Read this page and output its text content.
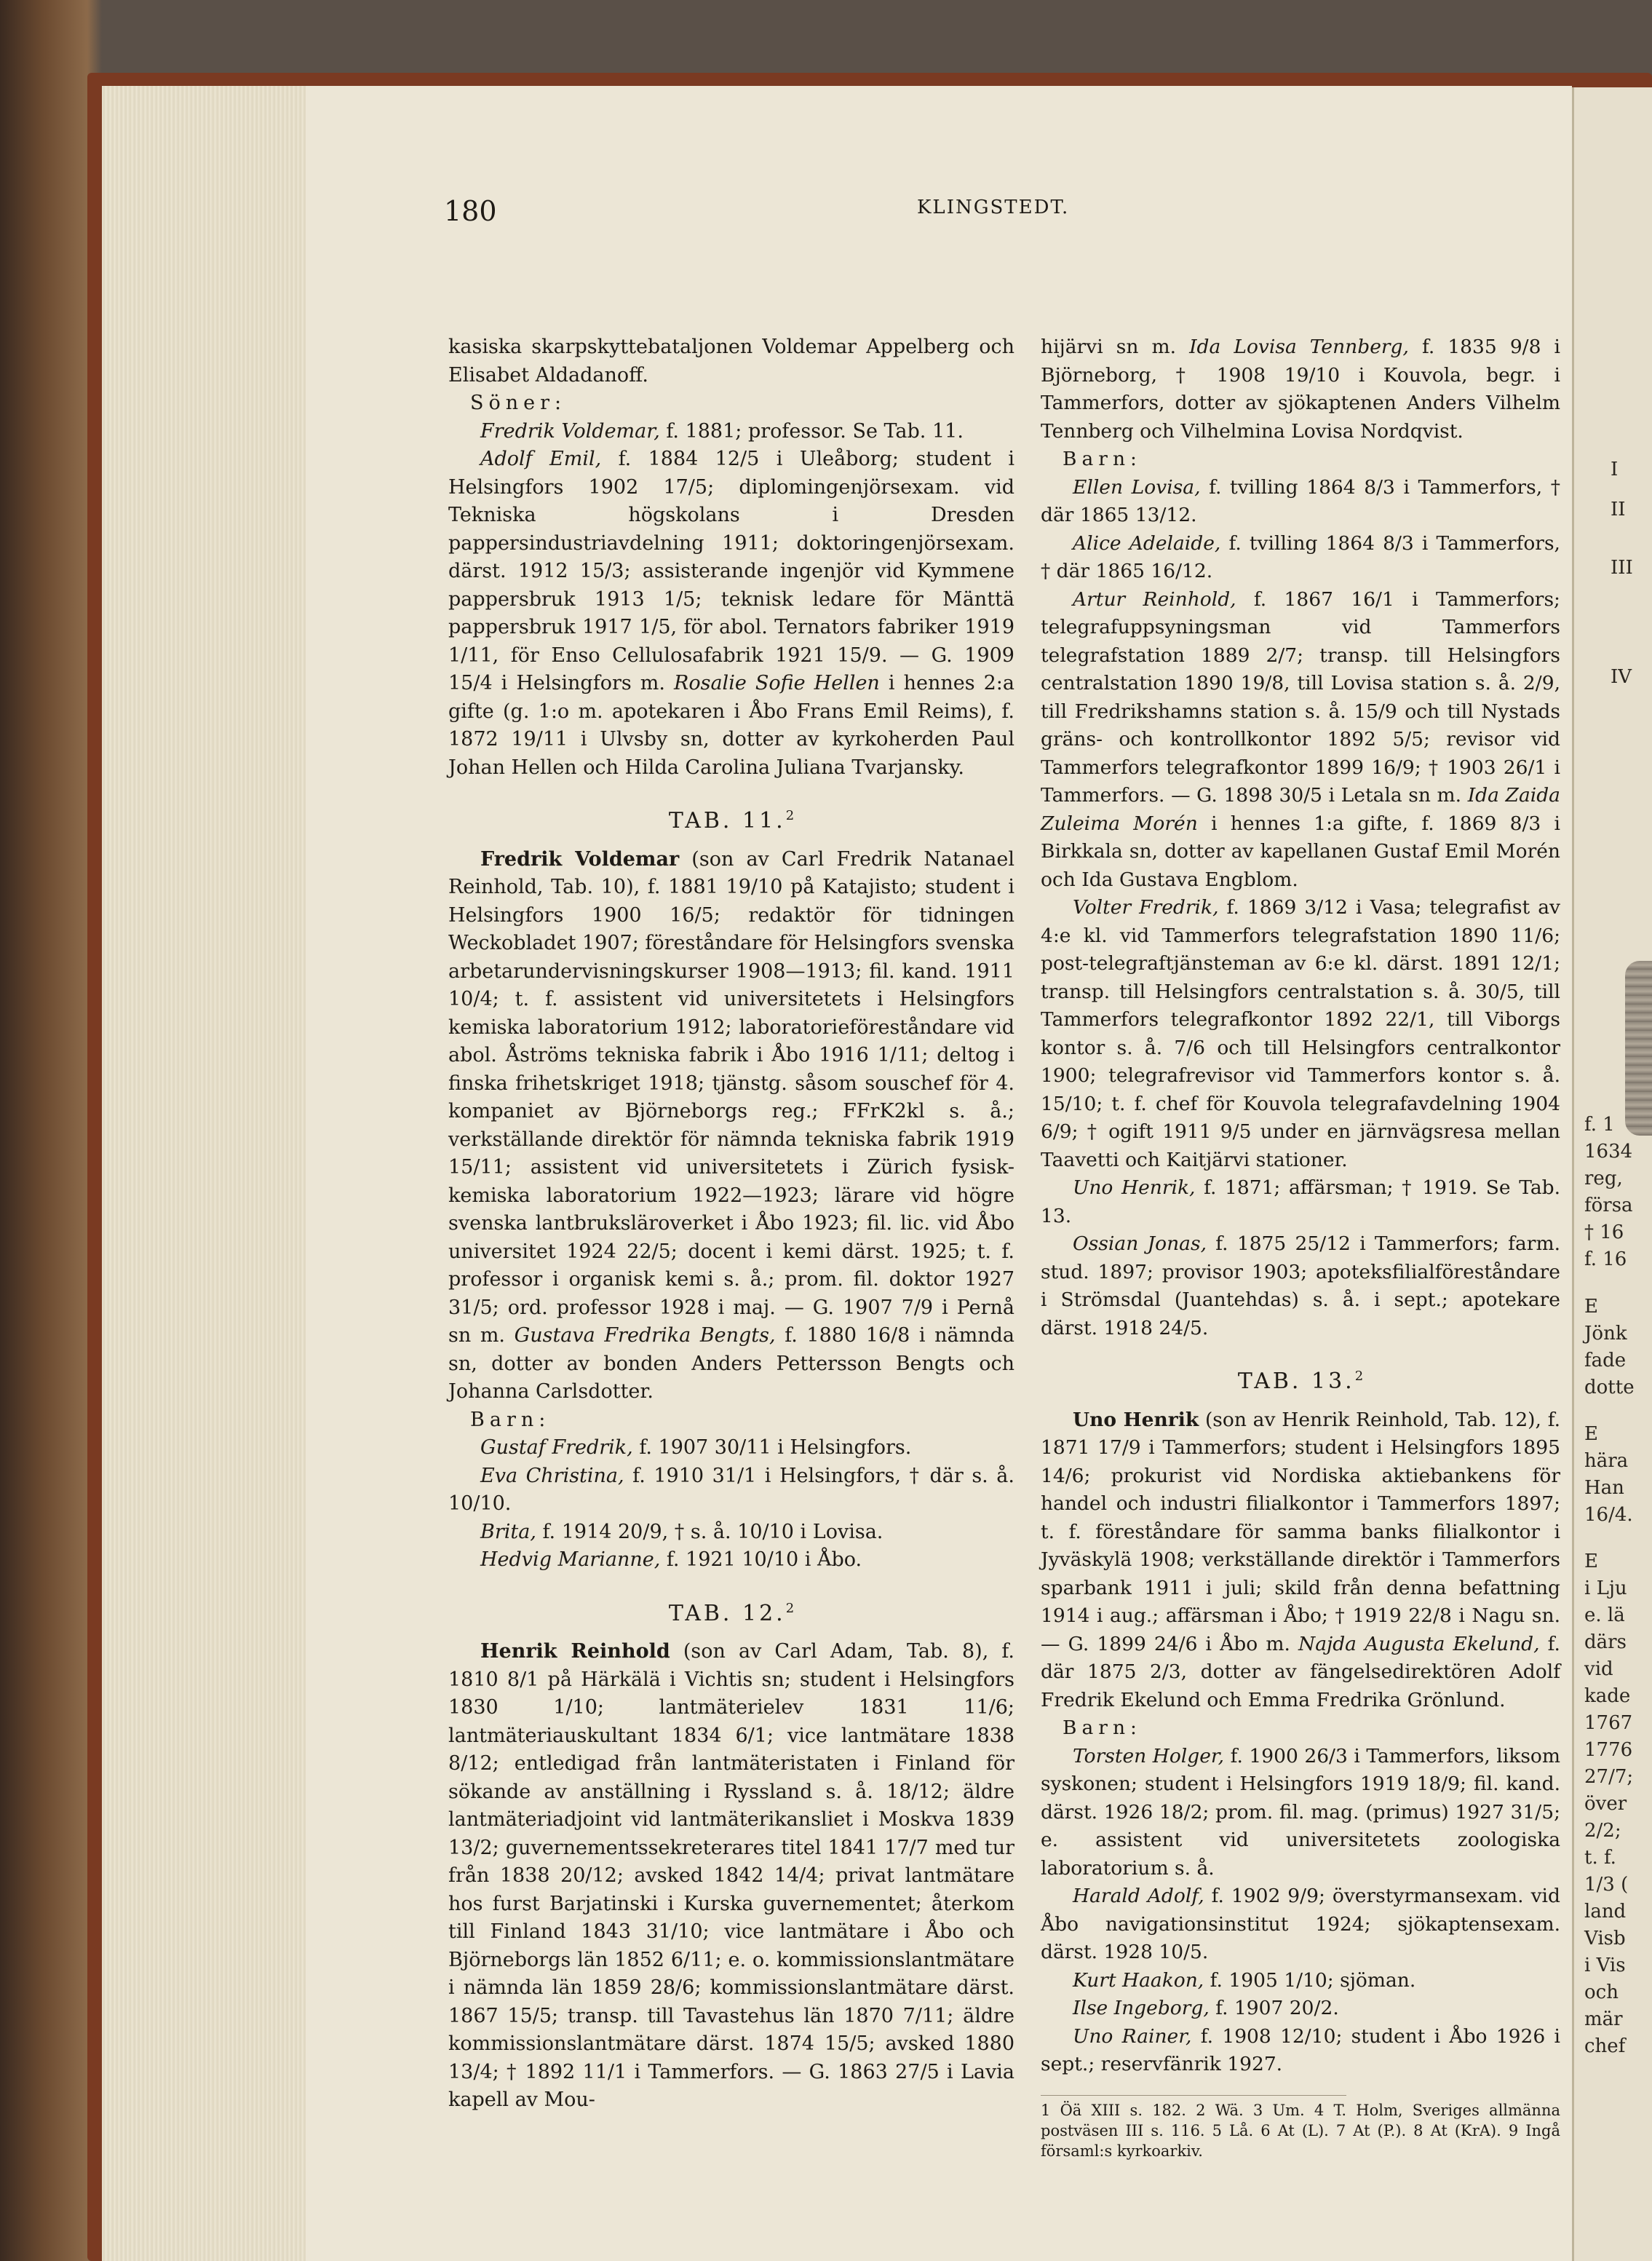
180	KLINGSTEDT.

kasiska skarpskyttebataljonen Voldemar Appelberg och Elisabet Aldadanoff.

Söner:

Fredrik Voldemar, f. 1881; professor. Se Tab. 11.

Adolf Emil, f. 1884 12/5 i Uleåborg; student i Helsingfors 1902 17/5; diplomingenjörsexam. vid Tekniska högskolans i Dresden pappersindustriavdelning 1911; doktoringenjörsexam. därst. 1912 15/3; assisterande ingenjör vid Kymmene pappersbruk 1913 1/5; teknisk ledare för Mänttä pappersbruk 1917 1/5, för abol. Ternators fabriker 1919 1/11, för Enso Cellulosafabrik 1921 15/9. — G. 1909 15/4 i Helsingfors m. Rosalie Sofie Hellen i hennes 2:a gifte (g. 1:o m. apotekaren i Åbo Frans Emil Reims), f. 1872 19/11 i Ulvsby sn, dotter av kyrkoherden Paul Johan Hellen och Hilda Carolina Juliana Tvarjansky.

TAB. 11.$^2$

Fredrik Voldemar (son av Carl Fredrik Natanael Reinhold, Tab. 10), f. 1881 19/10 på Katajisto; student i Helsingfors 1900 16/5; redaktör för tidningen Weckobladet 1907; föreståndare för Helsingfors svenska arbetarundervisningskurser 1908—1913; fil. kand. 1911 10/4; t. f. assistent vid universitetets i Helsingfors kemiska laboratorium 1912; laboratorieföreståndare vid abol. Åströms tekniska fabrik i Åbo 1916 1/11; deltog i finska frihetskriget 1918; tjänstg. såsom souschef för 4. kompaniet av Björneborgs reg.; FFrK2kl s. å.; verkställande direktör för nämnda tekniska fabrik 1919 15/11; assistent vid universitetets i Zürich fysisk-kemiska laboratorium 1922—1923; lärare vid högre svenska lantbruksläroverket i Åbo 1923; fil. lic. vid Åbo universitet 1924 22/5; docent i kemi därst. 1925; t. f. professor i organisk kemi s. å.; prom. fil. doktor 1927 31/5; ord. professor 1928 i maj. — G. 1907 7/9 i Pernå sn m. Gustava Fredrika Bengts, f. 1880 16/8 i nämnda sn, dotter av bonden Anders Pettersson Bengts och Johanna Carlsdotter.

Barn:

Gustaf Fredrik, f. 1907 30/11 i Helsingfors.

Eva Christina, f. 1910 31/1 i Helsingfors, † där s. å. 10/10.

Brita, f. 1914 20/9, † s. å. 10/10 i Lovisa.

Hedvig Marianne, f. 1921 10/10 i Åbo.

TAB. 12.$^2$

Henrik Reinhold (son av Carl Adam, Tab. 8), f. 1810 8/1 på Härkälä i Vichtis sn; student i Helsingfors 1830 1/10; lantmäterielev 1831 11/6; lantmäteriauskultant 1834 6/1; vice lantmätare 1838 8/12; entledigad från lantmäteristaten i Finland för sökande av anställning i Ryssland s. å. 18/12; äldre lantmäteriadjoint vid lantmäterikansliet i Moskva 1839 13/2; guvernementssekreterares titel 1841 17/7 med tur från 1838 20/12; avsked 1842 14/4; privat lantmätare hos furst Barjatinski i Kurska guvernementet; återkom till Finland 1843 31/10; vice lantmätare i Åbo och Björneborgs län 1852 6/11; e. o. kommissionslantmätare i nämnda län 1859 28/6; kommissionslantmätare därst. 1867 15/5; transp. till Tavastehus län 1870 7/11; äldre kommissionslantmätare därst. 1874 15/5; avsked 1880 13/4; † 1892 11/1 i Tammerfors. — G. 1863 27/5 i Lavia kapell av Mou-

hijärvi sn m. Ida Lovisa Tennberg, f. 1835 9/8 i Björneborg, † 1908 19/10 i Kouvola, begr. i Tammerfors, dotter av sjökaptenen Anders Vilhelm Tennberg och Vilhelmina Lovisa Nordqvist.

Barn:

Ellen Lovisa, f. tvilling 1864 8/3 i Tammerfors, † där 1865 13/12.

Alice Adelaide, f. tvilling 1864 8/3 i Tammerfors, † där 1865 16/12.

Artur Reinhold, f. 1867 16/1 i Tammerfors; telegrafuppsyningsman vid Tammerfors telegrafstation 1889 2/7; transp. till Helsingfors centralstation 1890 19/8, till Lovisa station s. å. 2/9, till Fredrikshamns station s. å. 15/9 och till Nystads gräns- och kontrollkontor 1892 5/5; revisor vid Tammerfors telegrafkontor 1899 16/9; † 1903 26/1 i Tammerfors. — G. 1898 30/5 i Letala sn m. Ida Zaida Zuleima Morén i hennes 1:a gifte, f. 1869 8/3 i Birkkala sn, dotter av kapellanen Gustaf Emil Morén och Ida Gustava Engblom.

Volter Fredrik, f. 1869 3/12 i Vasa; telegrafist av 4:e kl. vid Tammerfors telegrafstation 1890 11/6; post-telegraftjänsteman av 6:e kl. därst. 1891 12/1; transp. till Helsingfors centralstation s. å. 30/5, till Tammerfors telegrafkontor 1892 22/1, till Viborgs kontor s. å. 7/6 och till Helsingfors centralkontor 1900; telegrafrevisor vid Tammerfors kontor s. å. 15/10; t. f. chef för Kouvola telegrafavdelning 1904 6/9; † ogift 1911 9/5 under en järnvägsresa mellan Taavetti och Kaitjärvi stationer.

Uno Henrik, f. 1871; affärsman; † 1919. Se Tab. 13.

Ossian Jonas, f. 1875 25/12 i Tammerfors; farm. stud. 1897; provisor 1903; apoteksfilialföreståndare i Strömsdal (Juantehdas) s. å. i sept.; apotekare därst. 1918 24/5.

TAB. 13.$^2$

Uno Henrik (son av Henrik Reinhold, Tab. 12), f. 1871 17/9 i Tammerfors; student i Helsingfors 1895 14/6; prokurist vid Nordiska aktiebankens för handel och industri filialkontor i Tammerfors 1897; t. f. föreståndare för samma banks filialkontor i Jyväskylä 1908; verkställande direktör i Tammerfors sparbank 1911 i juli; skild från denna befattning 1914 i aug.; affärsman i Åbo; † 1919 22/8 i Nagu sn. — G. 1899 24/6 i Åbo m. Najda Augusta Ekelund, f. där 1875 2/3, dotter av fängelsedirektören Adolf Fredrik Ekelund och Emma Fredrika Grönlund.

Barn:

Torsten Holger, f. 1900 26/3 i Tammerfors, liksom syskonen; student i Helsingfors 1919 18/9; fil. kand. därst. 1926 18/2; prom. fil. mag. (primus) 1927 31/5; e. assistent vid universitetets zoologiska laboratorium s. å.

Harald Adolf, f. 1902 9/9; överstyrmansexam. vid Åbo navigationsinstitut 1924; sjökaptensexam. därst. 1928 10/5.

Kurt Haakon, f. 1905 1/10; sjöman.

Ilse Ingeborg, f. 1907 20/2.

Uno Rainer, f. 1908 12/10; student i Åbo 1926 i sept.; reservfänrik 1927.

1 Öä XIII s. 182. 2 Wä. 3 Um. 4 T. Holm, Sveriges allmänna postväsen III s. 116. 5 Lå. 6 At (L). 7 At (P.). 8 At (KrA). 9 Ingå församl:s kyrkoarkiv.

I
II
III
IV
f. 1
1634
reg,
försa
† 16
f. 16
E
Jönk
fade
dotte
E
hära
Han
16/4.
E
i Lju
e. lä
därs
vid
kade
1767
1776
27/7;
över
2/2;
t. f.
1/3 (
land
Visb
i Vis
och
mär
chef
